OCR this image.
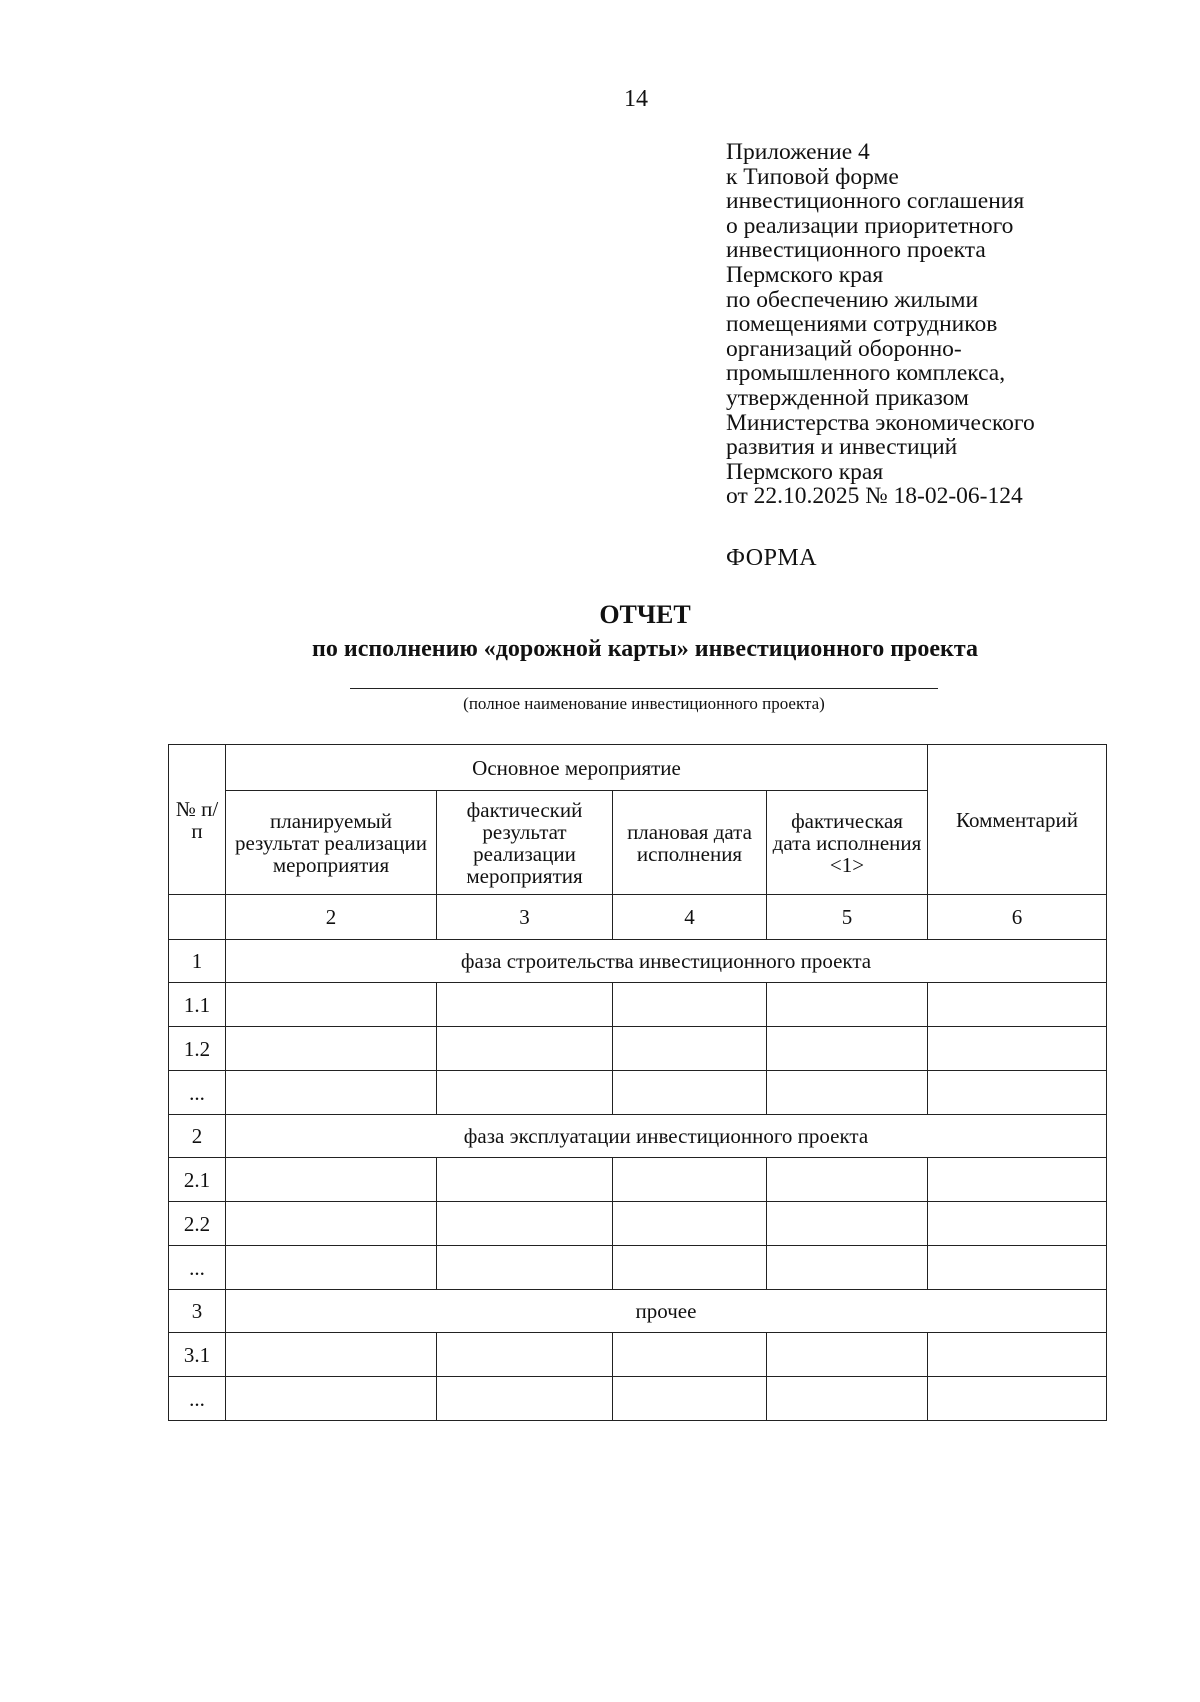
14
Приложение 4
к Типовой форме
инвестиционного соглашения
о реализации приоритетного
инвестиционного проекта
Пермского края
по обеспечению жилыми
помещениями сотрудников
организаций оборонно-
промышленного комплекса,
утвержденной приказом
Министерства экономического
развития и инвестиций
Пермского края
от 22.10.2025 № 18-02-06-124
ФОРМА
ОТЧЕТ
по исполнению «дорожной карты» инвестиционного проекта
(полное наименование инвестиционного проекта)
№ п/п	Основное мероприятие				Комментарий
	планируемый результат реализации мероприятия	фактический результат реализации мероприятия	плановая дата исполнения	фактическая дата исполнения <1>	
	2	3	4	5	6
1	фаза строительства инвестиционного проекта				
1.1					
1.2					
...					
2	фаза эксплуатации инвестиционного проекта				
2.1					
2.2					
...					
3	прочее				
3.1					
...					
